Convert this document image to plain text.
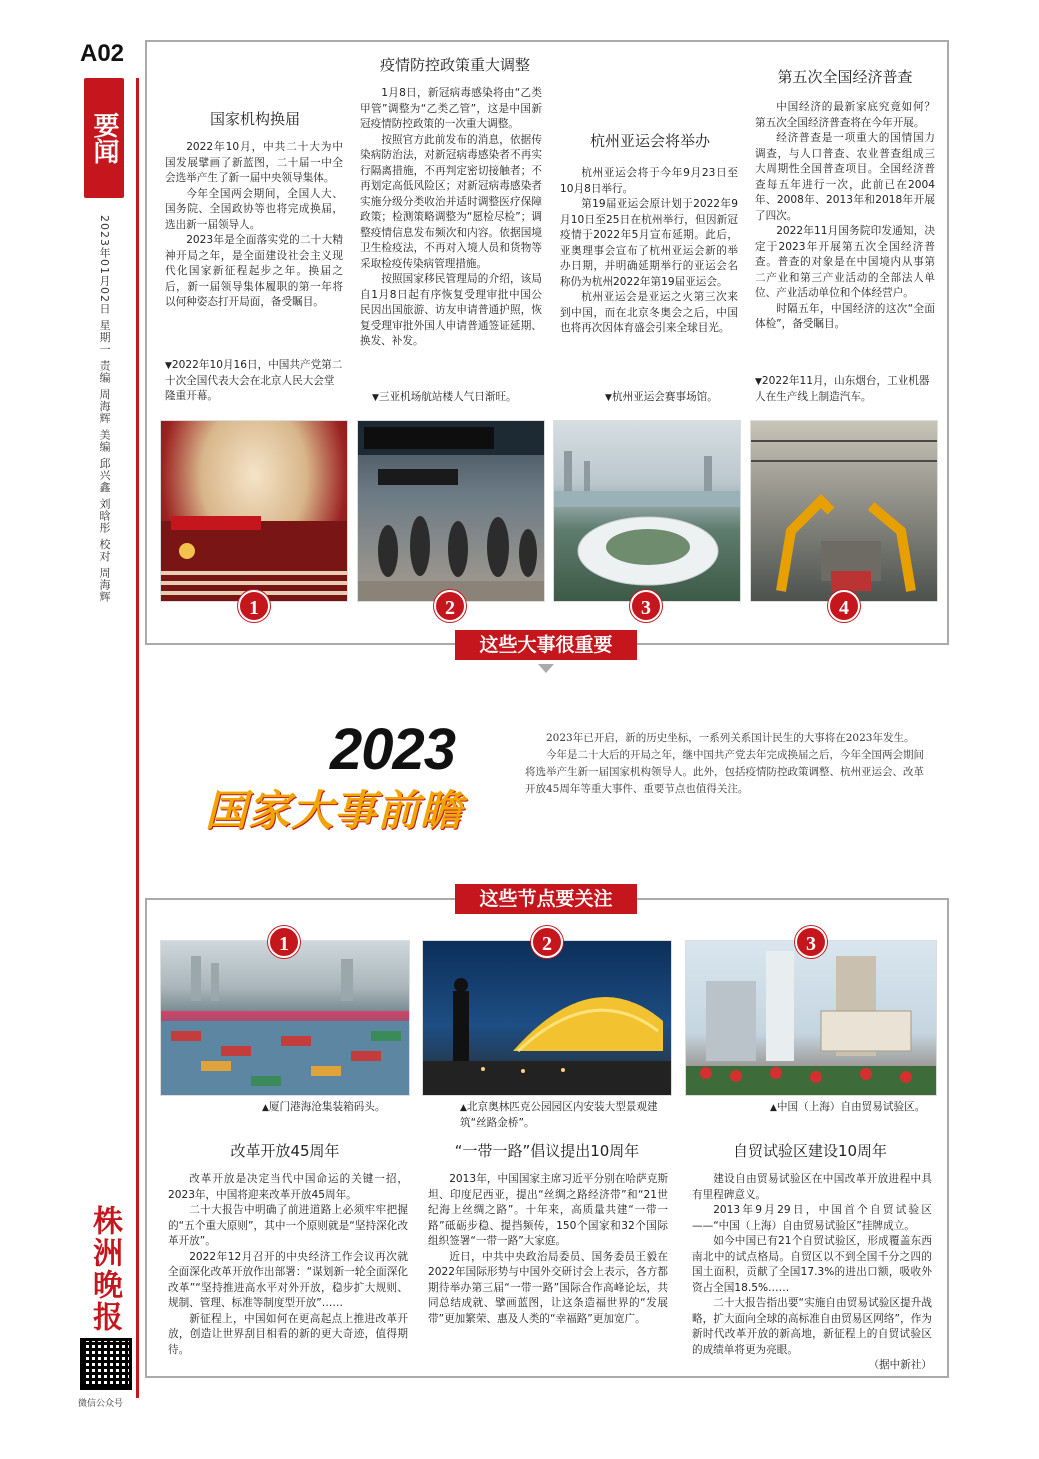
A02
要闻
2023年01月02日 星期一 责编 周海辉 美编 邱兴鑫 刘晗彤 校对 周海辉
株洲晚报
微信公众号
国家机构换届

2022年10月，中共二十大为中国发展擘画了新蓝图，二十届一中全会选举产生了新一届中央领导集体。

今年全国两会期间，全国人大、国务院、全国政协等也将完成换届，选出新一届领导人。

2023年是全面落实党的二十大精神开局之年，是全面建设社会主义现代化国家新征程起步之年。换届之后，新一届领导集体履职的第一年将以何种姿态打开局面，备受瞩目。

▼2022年10月16日，中国共产党第二十次全国代表大会在北京人民大会堂隆重开幕。
疫情防控政策重大调整

1月8日，新冠病毒感染将由“乙类甲管”调整为“乙类乙管”，这是中国新冠疫情防控政策的一次重大调整。

按照官方此前发布的消息，依据传染病防治法，对新冠病毒感染者不再实行隔离措施，不再判定密切接触者；不再划定高低风险区；对新冠病毒感染者实施分级分类收治并适时调整医疗保障政策；检测策略调整为“愿检尽检”；调整疫情信息发布频次和内容。依据国境卫生检疫法，不再对入境人员和货物等采取检疫传染病管理措施。

按照国家移民管理局的介绍，该局自1月8日起有序恢复受理审批中国公民因出国旅游、访友申请普通护照，恢复受理审批外国人申请普通签证延期、换发、补发。

▼三亚机场航站楼人气日渐旺。
杭州亚运会将举办

杭州亚运会将于今年9月23日至10月8日举行。

第19届亚运会原计划于2022年9月10日至25日在杭州举行，但因新冠疫情于2022年5月宣布延期。此后，亚奥理事会宣布了杭州亚运会新的举办日期，并明确延期举行的亚运会名称仍为杭州2022年第19届亚运会。

杭州亚运会是亚运之火第三次来到中国，而在北京冬奥会之后，中国也将再次因体育盛会引来全球目光。

▼杭州亚运会赛事场馆。
第五次全国经济普查

中国经济的最新家底究竟如何？第五次全国经济普查将在今年开展。

经济普查是一项重大的国情国力调查，与人口普查、农业普查组成三大周期性全国普查项目。全国经济普查每五年进行一次，此前已在2004年、2008年、2013年和2018年开展了四次。

2022年11月国务院印发通知，决定于2023年开展第五次全国经济普查。普查的对象是在中国境内从事第二产业和第三产业活动的全部法人单位、产业活动单位和个体经营户。

时隔五年，中国经济的这次“全面体检”，备受瞩目。

▼2022年11月，山东烟台，工业机器人在生产线上制造汽车。
1	2	3	4
这些大事很重要
2023
国家大事前瞻

2023年已开启，新的历史坐标，一系列关系国计民生的大事将在2023年发生。

今年是二十大后的开局之年，继中国共产党去年完成换届之后，今年全国两会期间将选举产生新一届国家机构领导人。此外，包括疫情防控政策调整、杭州亚运会、改革开放45周年等重大事件、重要节点也值得关注。

这些节点要关注
1	2	3
▲厦门港海沧集装箱码头。	▲北京奥林匹克公园园区内安装大型景观建筑“丝路金桥”。
▲中国（上海）自由贸易试验区。
改革开放45周年

改革开放是决定当代中国命运的关键一招，2023年，中国将迎来改革开放45周年。

二十大报告中明确了前进道路上必须牢牢把握的“五个重大原则”，其中一个原则就是“坚持深化改革开放”。

2022年12月召开的中央经济工作会议再次就全面深化改革开放作出部署：“谋划新一轮全面深化改革”“坚持推进高水平对外开放，稳步扩大规则、规制、管理、标准等制度型开放”……

新征程上，中国如何在更高起点上推进改革开放，创造让世界刮目相看的新的更大奇迹，值得期待。

“一带一路”倡议提出10周年

2013年，中国国家主席习近平分别在哈萨克斯坦、印度尼西亚，提出“丝绸之路经济带”和“21世纪海上丝绸之路”。十年来，高质量共建“一带一路”砥砺步稳、提挡频传，150个国家和32个国际组织签署“一带一路”大家庭。

近日，中共中央政治局委员、国务委员王毅在2022年国际形势与中国外交研讨会上表示，各方都期待举办第三届“一带一路”国际合作高峰论坛，共同总结成就、擘画蓝图，让这条造福世界的“发展带”更加繁荣、惠及人类的“幸福路”更加宽广。

自贸试验区建设10周年

建设自由贸易试验区在中国改革开放进程中具有里程碑意义。

2013年9月29日，中国首个自贸试验区——“中国（上海）自由贸易试验区”挂牌成立。

如今中国已有21个自贸试验区，形成覆盖东西南北中的试点格局。自贸区以不到全国千分之四的国土面积，贡献了全国17.3%的进出口额，吸收外资占全国18.5%……

二十大报告指出要“实施自由贸易试验区提升战略，扩大面向全球的高标准自由贸易区网络”，作为新时代改革开放的新高地，新征程上的自贸试验区的成绩单将更为亮眼。

（据中新社）
